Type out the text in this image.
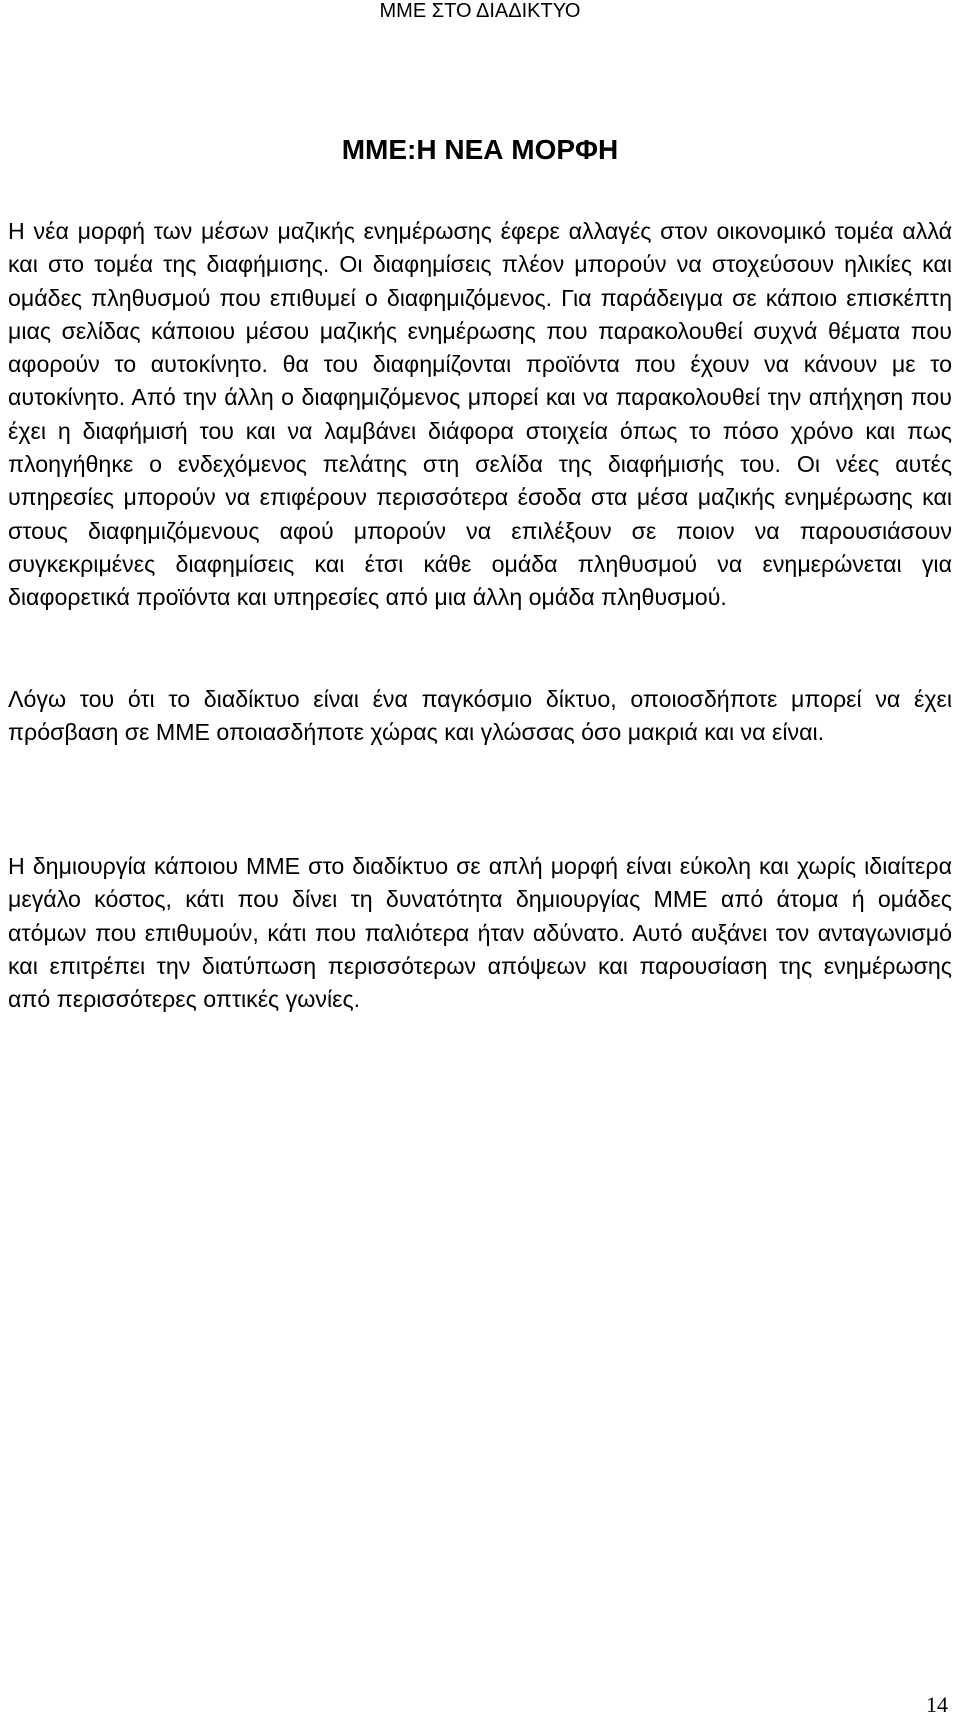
ΜΜΕ ΣΤΟ ΔΙΑΔΙΚΤΥΟ
ΜΜΕ:Η ΝΕΑ ΜΟΡΦΗ

Η νέα μορφή των μέσων μαζικής ενημέρωσης έφερε αλλαγές στον οικονομικό τομέα αλλά και στο τομέα της διαφήμισης. Οι διαφημίσεις πλέον μπορούν να στοχεύσουν ηλικίες και ομάδες πληθυσμού που επιθυμεί ο διαφημιζόμενος. Για παράδειγμα σε κάποιο επισκέπτη μιας σελίδας κάποιου μέσου μαζικής ενημέρωσης που παρακολουθεί συχνά θέματα που αφορούν το αυτοκίνητο. θα του διαφημίζονται προϊόντα που έχουν να κάνουν με το αυτοκίνητο. Από την άλλη ο διαφημιζόμενος μπορεί και να παρακολουθεί την απήχηση που έχει η διαφήμισή του και να λαμβάνει διάφορα στοιχεία όπως το πόσο χρόνο και πως πλοηγήθηκε ο ενδεχόμενος πελάτης στη σελίδα της διαφήμισής του. Οι νέες αυτές υπηρεσίες μπορούν να επιφέρουν περισσότερα έσοδα στα μέσα μαζικής ενημέρωσης και στους διαφημιζόμενους αφού μπορούν να επιλέξουν σε ποιον να παρουσιάσουν συγκεκριμένες διαφημίσεις και έτσι κάθε ομάδα πληθυσμού να ενημερώνεται για διαφορετικά προϊόντα και υπηρεσίες από μια άλλη ομάδα πληθυσμού.

Λόγω του ότι το διαδίκτυο είναι ένα παγκόσμιο δίκτυο, οποιοσδήποτε μπορεί να έχει πρόσβαση σε ΜΜΕ οποιασδήποτε χώρας και γλώσσας όσο μακριά και να είναι.

Η δημιουργία κάποιου ΜΜΕ στο διαδίκτυο σε απλή μορφή είναι εύκολη και χωρίς ιδιαίτερα μεγάλο κόστος, κάτι που δίνει τη δυνατότητα δημιουργίας ΜΜΕ από άτομα ή ομάδες ατόμων που επιθυμούν, κάτι που παλιότερα ήταν αδύνατο. Αυτό αυξάνει τον ανταγωνισμό και επιτρέπει την διατύπωση περισσότερων απόψεων και παρουσίαση της ενημέρωσης από περισσότερες οπτικές γωνίες.

14
